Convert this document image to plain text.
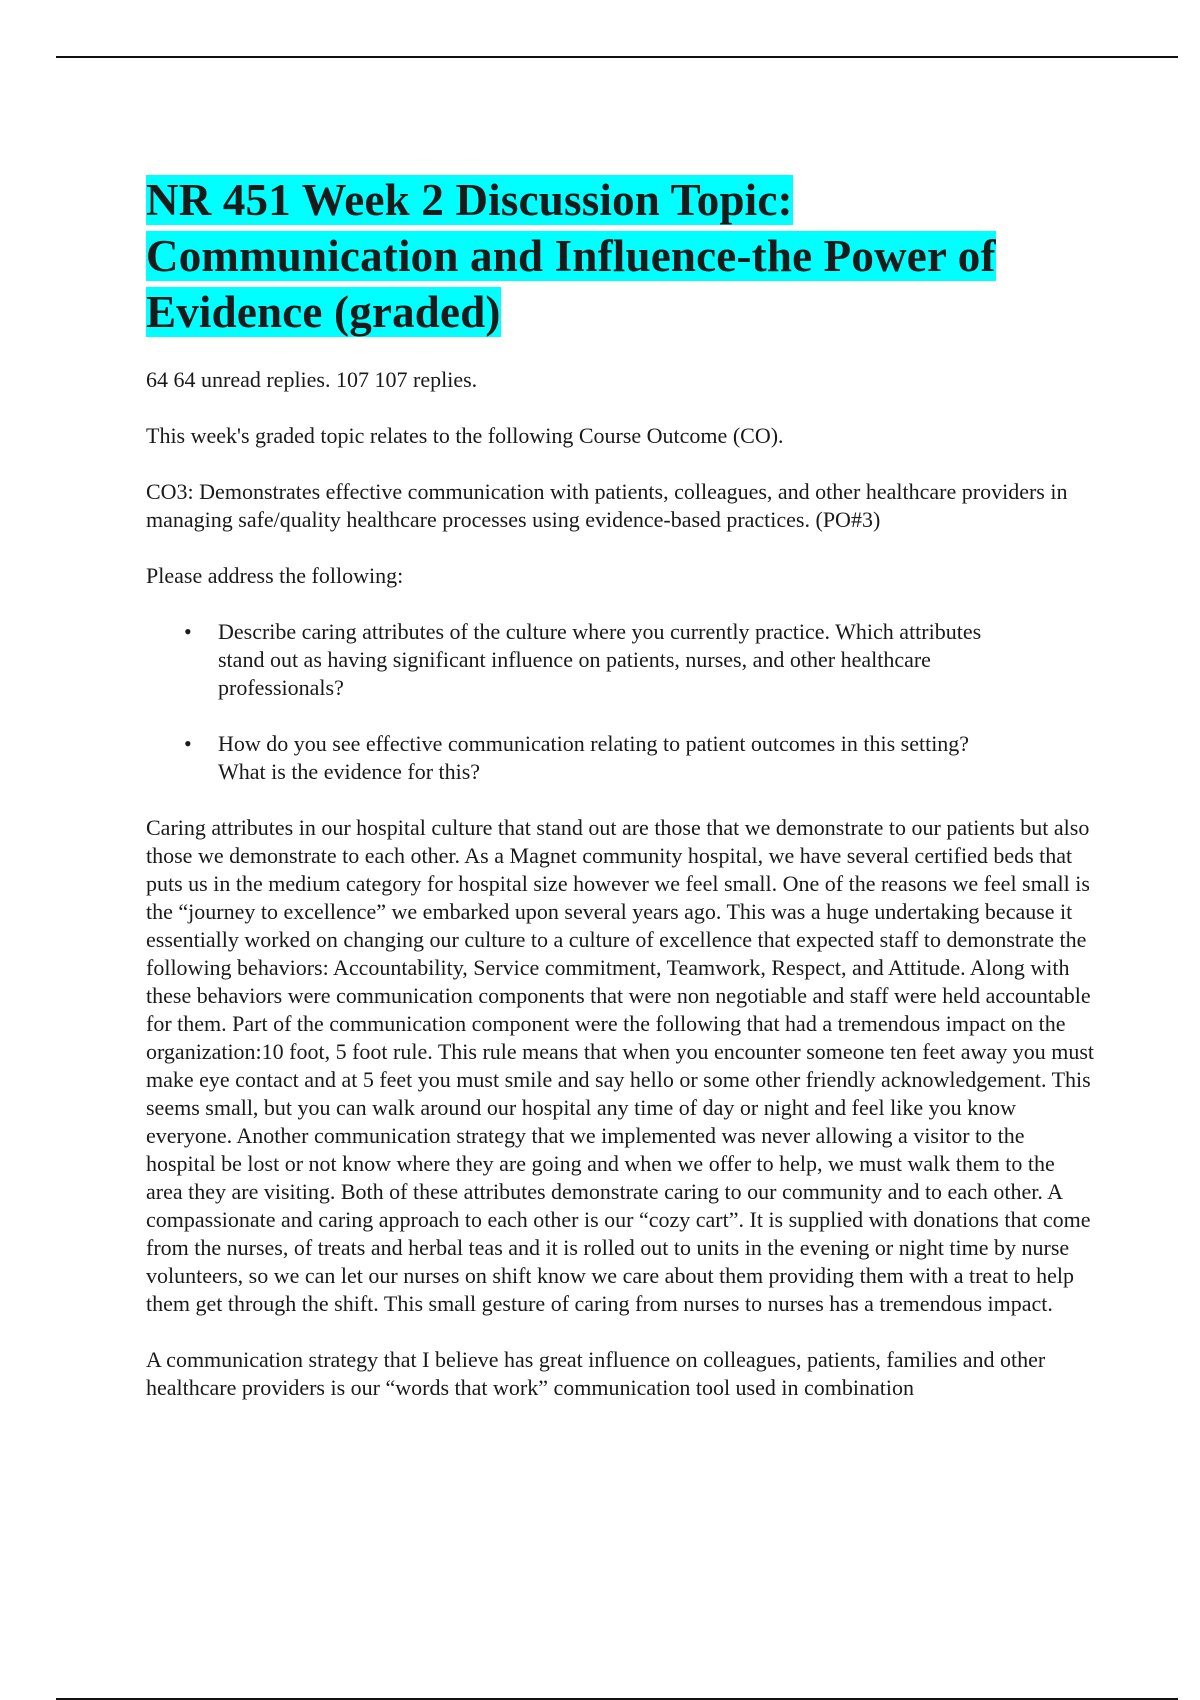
NR 451 Week 2 Discussion Topic: Communication and Influence-the Power of Evidence (graded)

64 64 unread replies. 107 107 replies.

This week's graded topic relates to the following Course Outcome (CO).

CO3: Demonstrates effective communication with patients, colleagues, and other healthcare providers in managing safe/quality healthcare processes using evidence-based practices. (PO#3)

Please address the following:

• Describe caring attributes of the culture where you currently practice. Which attributes stand out as having significant influence on patients, nurses, and other healthcare professionals?
• How do you see effective communication relating to patient outcomes in this setting? What is the evidence for this?

Caring attributes in our hospital culture that stand out are those that we demonstrate to our patients but also those we demonstrate to each other. As a Magnet community hospital, we have several certified beds that puts us in the medium category for hospital size however we feel small. One of the reasons we feel small is the “journey to excellence” we embarked upon several years ago. This was a huge undertaking because it essentially worked on changing our culture to a culture of excellence that expected staff to demonstrate the following behaviors: Accountability, Service commitment, Teamwork, Respect, and Attitude. Along with these behaviors were communication components that were non negotiable and staff were held accountable for them. Part of the communication component were the following that had a tremendous impact on the organization:10 foot, 5 foot rule. This rule means that when you encounter someone ten feet away you must make eye contact and at 5 feet you must smile and say hello or some other friendly acknowledgement. This seems small, but you can walk around our hospital any time of day or night and feel like you know everyone. Another communication strategy that we implemented was never allowing a visitor to the hospital be lost or not know where they are going and when we offer to help, we must walk them to the area they are visiting. Both of these attributes demonstrate caring to our community and to each other. A compassionate and caring approach to each other is our “cozy cart”. It is supplied with donations that come from the nurses, of treats and herbal teas and it is rolled out to units in the evening or night time by nurse volunteers, so we can let our nurses on shift know we care about them providing them with a treat to help them get through the shift. This small gesture of caring from nurses to nurses has a tremendous impact.

A communication strategy that I believe has great influence on colleagues, patients, families and other healthcare providers is our “words that work” communication tool used in combination
